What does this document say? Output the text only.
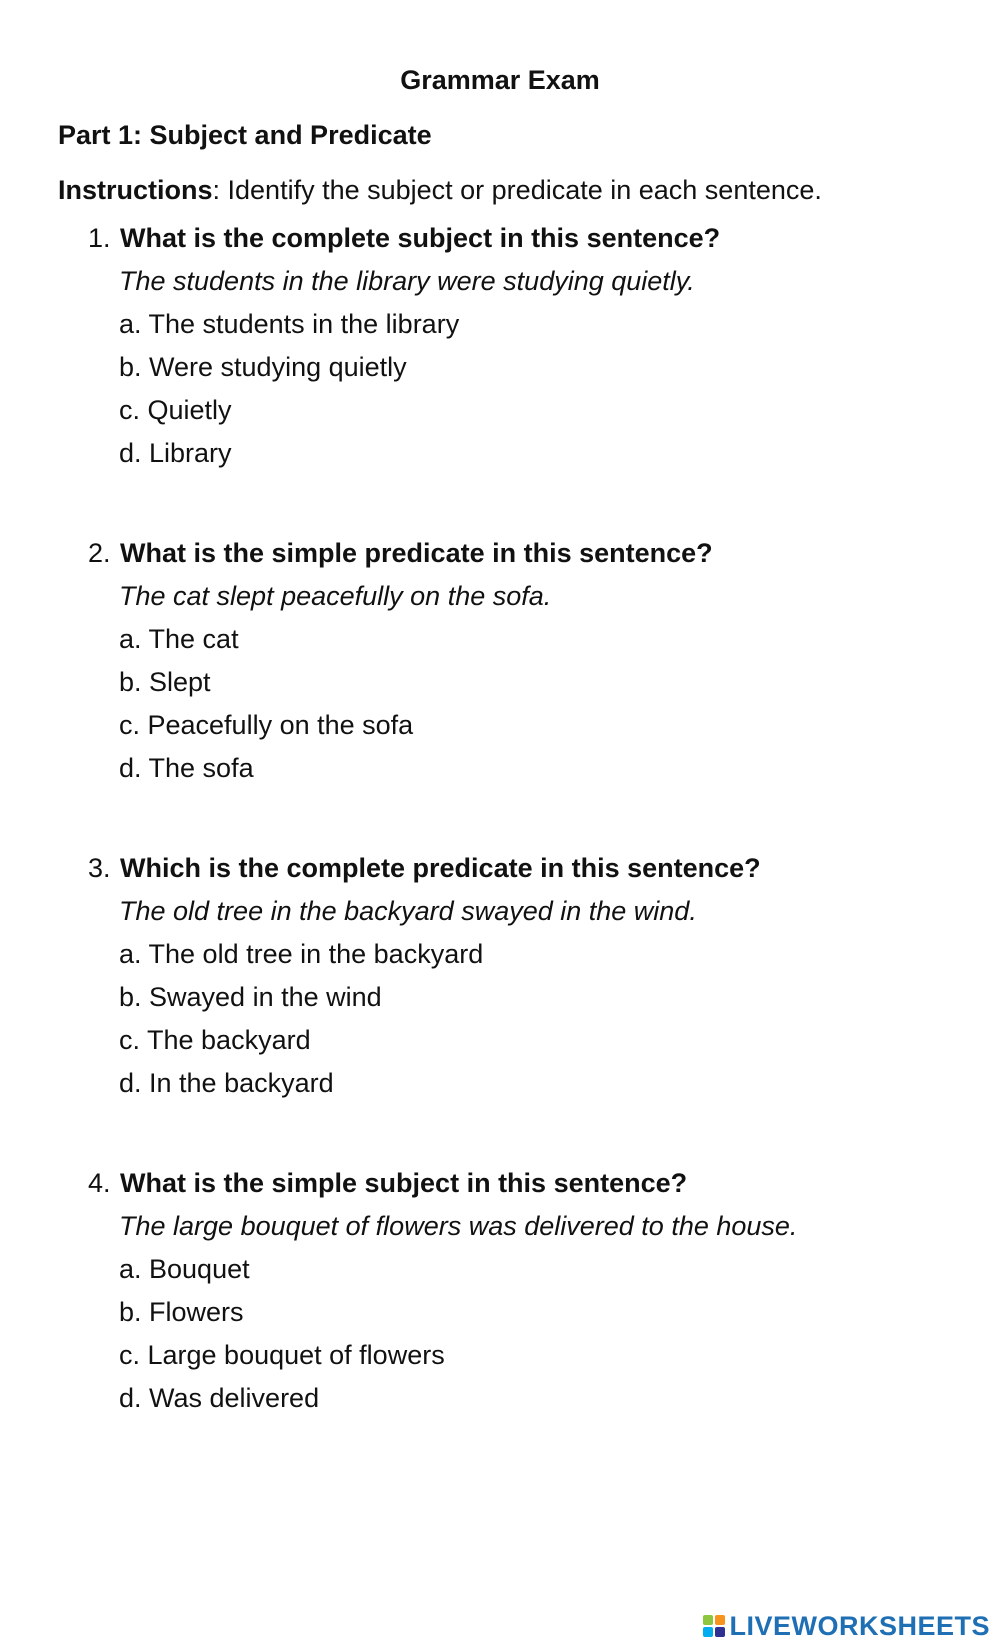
Grammar Exam
Part 1: Subject and Predicate
Instructions: Identify the subject or predicate in each sentence.
1. What is the complete subject in this sentence?
The students in the library were studying quietly.
a. The students in the library
b. Were studying quietly
c. Quietly
d. Library
2. What is the simple predicate in this sentence?
The cat slept peacefully on the sofa.
a. The cat
b. Slept
c. Peacefully on the sofa
d. The sofa
3. Which is the complete predicate in this sentence?
The old tree in the backyard swayed in the wind.
a. The old tree in the backyard
b. Swayed in the wind
c. The backyard
d. In the backyard
4. What is the simple subject in this sentence?
The large bouquet of flowers was delivered to the house.
a. Bouquet
b. Flowers
c. Large bouquet of flowers
d. Was delivered
LIVEWORKSHEETS
